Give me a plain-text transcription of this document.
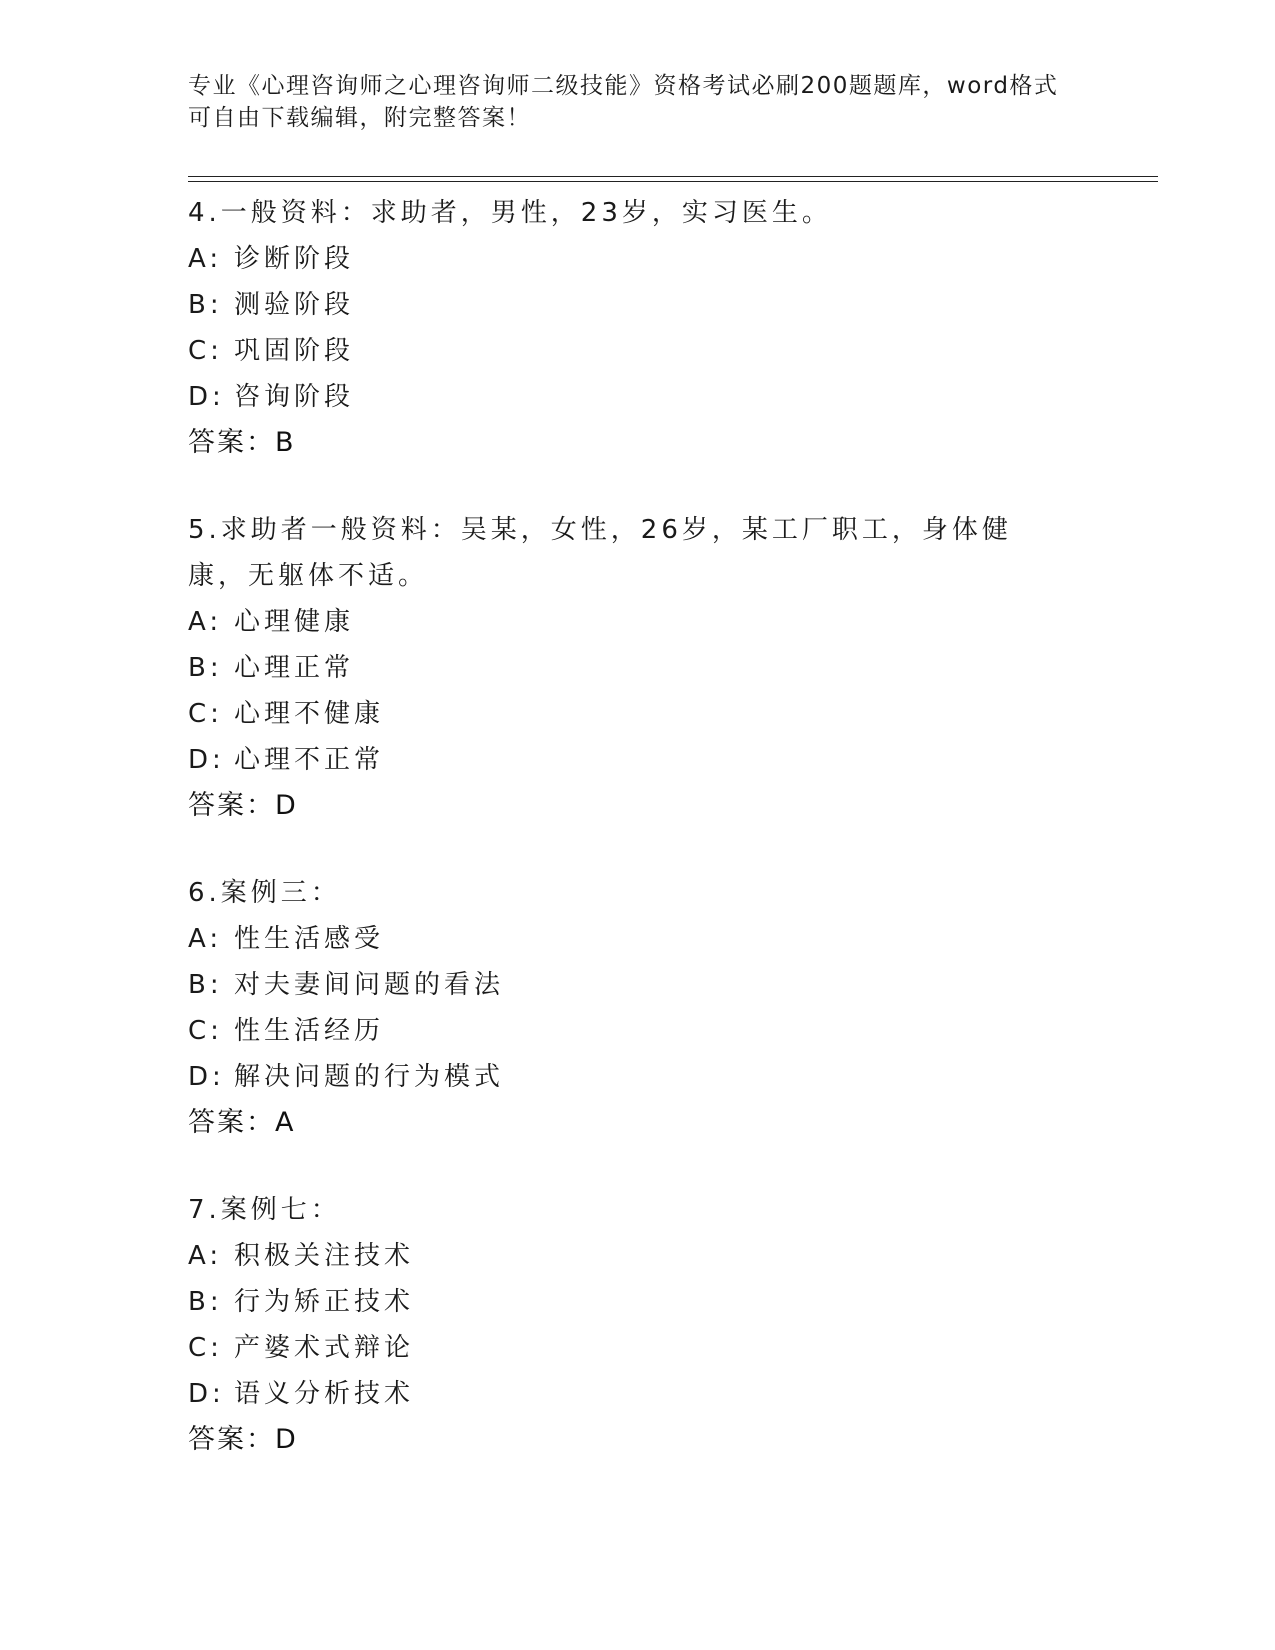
专业《心理咨询师之心理咨询师二级技能》资格考试必刷200题题库，word格式
可自由下载编辑，附完整答案！
4.一般资料：求助者，男性，23岁，实习医生。
A: 诊断阶段
B: 测验阶段
C: 巩固阶段
D: 咨询阶段
答案：B
5.求助者一般资料：吴某，女性，26岁，某工厂职工，身体健康，无躯体不适。
A: 心理健康
B: 心理正常
C: 心理不健康
D: 心理不正常
答案：D
6.案例三：
A: 性生活感受
B: 对夫妻间问题的看法
C: 性生活经历
D: 解决问题的行为模式
答案：A
7.案例七：
A: 积极关注技术
B: 行为矫正技术
C: 产婆术式辩论
D: 语义分析技术
答案：D
